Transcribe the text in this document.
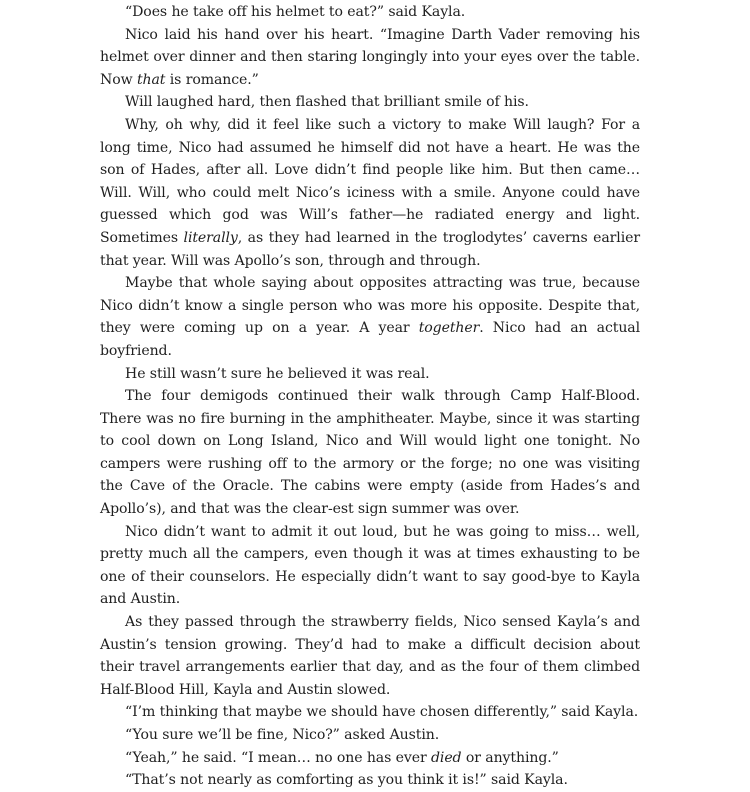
“Does he take off his helmet to eat?” said Kayla.

Nico laid his hand over his heart. “Imagine Darth Vader removing his helmet over dinner and then staring longingly into your eyes over the table. Now that is romance.”

Will laughed hard, then flashed that brilliant smile of his.

Why, oh why, did it feel like such a victory to make Will laugh? For a long time, Nico had assumed he himself did not have a heart. He was the son of Hades, after all. Love didn’t find people like him. But then came… Will. Will, who could melt Nico’s iciness with a smile. Anyone could have guessed which god was Will’s father—he radiated energy and light. Sometimes literally, as they had learned in the troglodytes’ caverns earlier that year. Will was Apollo’s son, through and through.

Maybe that whole saying about opposites attracting was true, because Nico didn’t know a single person who was more his opposite. Despite that, they were coming up on a year. A year together. Nico had an actual boyfriend.

He still wasn’t sure he believed it was real.

The four demigods continued their walk through Camp Half-Blood. There was no fire burning in the amphitheater. Maybe, since it was starting to cool down on Long Island, Nico and Will would light one tonight. No campers were rushing off to the armory or the forge; no one was visiting the Cave of the Oracle. The cabins were empty (aside from Hades’s and Apollo’s), and that was the clear-est sign summer was over.

Nico didn’t want to admit it out loud, but he was going to miss… well, pretty much all the campers, even though it was at times exhausting to be one of their counselors. He especially didn’t want to say good-bye to Kayla and Austin.

As they passed through the strawberry fields, Nico sensed Kayla’s and Austin’s tension growing. They’d had to make a difficult decision about their travel arrangements earlier that day, and as the four of them climbed Half-Blood Hill, Kayla and Austin slowed.

“I’m thinking that maybe we should have chosen differently,” said Kayla.

“You sure we’ll be fine, Nico?” asked Austin.

“Yeah,” he said. “I mean… no one has ever died or anything.”

“That’s not nearly as comforting as you think it is!” said Kayla.
